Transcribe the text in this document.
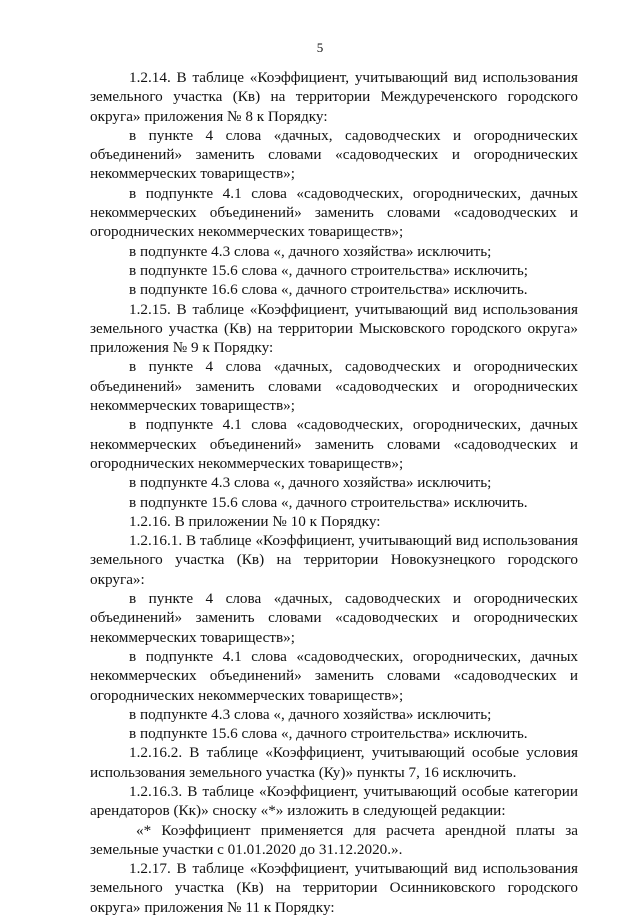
5

1.2.14. В таблице «Коэффициент, учитывающий вид использования земельного участка (Кв) на территории Междуреченского городского округа» приложения № 8 к Порядку:

в пункте 4 слова «дачных, садоводческих и огороднических объединений» заменить словами «садоводческих и огороднических некоммерческих товариществ»;

в подпункте 4.1 слова «садоводческих, огороднических, дачных некоммерческих объединений» заменить словами «садоводческих и огороднических некоммерческих товариществ»;

в подпункте 4.3 слова «, дачного хозяйства» исключить;

в подпункте 15.6 слова «, дачного строительства» исключить;

в подпункте 16.6 слова «, дачного строительства» исключить.

1.2.15. В таблице «Коэффициент, учитывающий вид использования земельного участка (Кв) на территории Мысковского городского округа» приложения № 9 к Порядку:

в пункте 4 слова «дачных, садоводческих и огороднических объединений» заменить словами «садоводческих и огороднических некоммерческих товариществ»;

в подпункте 4.1 слова «садоводческих, огороднических, дачных некоммерческих объединений» заменить словами «садоводческих и огороднических некоммерческих товариществ»;

в подпункте 4.3 слова «, дачного хозяйства» исключить;

в подпункте 15.6 слова «, дачного строительства» исключить.

1.2.16. В приложении № 10 к Порядку:

1.2.16.1. В таблице «Коэффициент, учитывающий вид использования земельного участка (Кв) на территории Новокузнецкого городского округа»:

в пункте 4 слова «дачных, садоводческих и огороднических объединений» заменить словами «садоводческих и огороднических некоммерческих товариществ»;

в подпункте 4.1 слова «садоводческих, огороднических, дачных некоммерческих объединений» заменить словами «садоводческих и огороднических некоммерческих товариществ»;

в подпункте 4.3 слова «, дачного хозяйства» исключить;

в подпункте 15.6 слова «, дачного строительства» исключить.

1.2.16.2. В таблице «Коэффициент, учитывающий особые условия использования земельного участка (Ку)» пункты 7, 16 исключить.

1.2.16.3. В таблице «Коэффициент, учитывающий особые категории арендаторов (Кк)» сноску «*» изложить в следующей редакции:

«* Коэффициент применяется для расчета арендной платы за земельные участки с 01.01.2020 до 31.12.2020.».

1.2.17. В таблице «Коэффициент, учитывающий вид использования земельного участка (Кв) на территории Осинниковского городского округа» приложения № 11 к Порядку:
